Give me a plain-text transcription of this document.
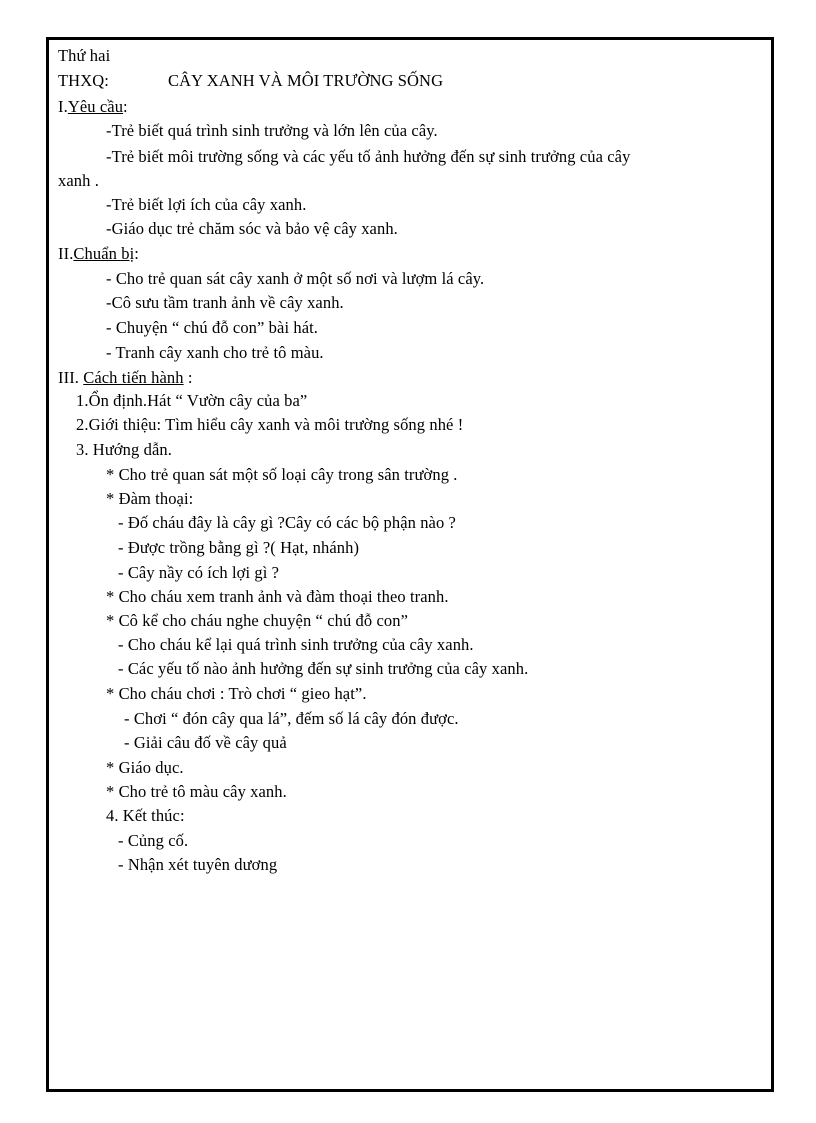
Thứ hai
THXQ:	CÂY XANH VÀ MÔI TRƯỜNG SỐNG
I.Yêu cầu:
-Trẻ biết quá trình sinh trưởng và lớn lên của cây.
-Trẻ biết môi trường sống và các yếu tố ảnh hưởng đến sự sinh trưởng của cây
xanh .
-Trẻ biết lợi ích của cây xanh.
-Giáo dục trẻ chăm sóc và bảo vệ cây xanh.
II.Chuẩn bị:
- Cho trẻ quan sát cây xanh ở một số nơi và lượm lá cây.
-Cô sưu tầm tranh ảnh về cây xanh.
- Chuyện “ chú đỗ con” bài hát.
- Tranh cây xanh cho trẻ tô màu.
III. Cách tiến hành :
1.Ổn định.Hát “ Vườn cây của ba”
2.Giới thiệu: Tìm hiểu cây xanh và môi trường sống nhé !
3. Hướng dẫn.
* Cho trẻ quan sát một số loại cây trong sân trường .
* Đàm thoại:
- Đố cháu đây là cây gì ?Cây có các bộ phận nào ?
- Được trồng bằng gì ?( Hạt, nhánh)
- Cây nầy có ích lợi gì ?
* Cho cháu xem tranh ảnh và đàm thoại theo tranh.
* Cô kể cho cháu nghe chuyện “ chú đỗ con”
- Cho cháu kể lại quá trình sinh trưởng của cây xanh.
- Các yếu tố nào ảnh hưởng đến sự sinh trưởng của cây xanh.
* Cho cháu chơi : Trò chơi “ gieo hạt”.
- Chơi “ đón cây qua lá”, đếm số lá cây đón được.
- Giải câu đố về cây quả
* Giáo dục.
* Cho trẻ tô màu cây xanh.
4. Kết thúc:
- Củng cố.
- Nhận xét tuyên dương
